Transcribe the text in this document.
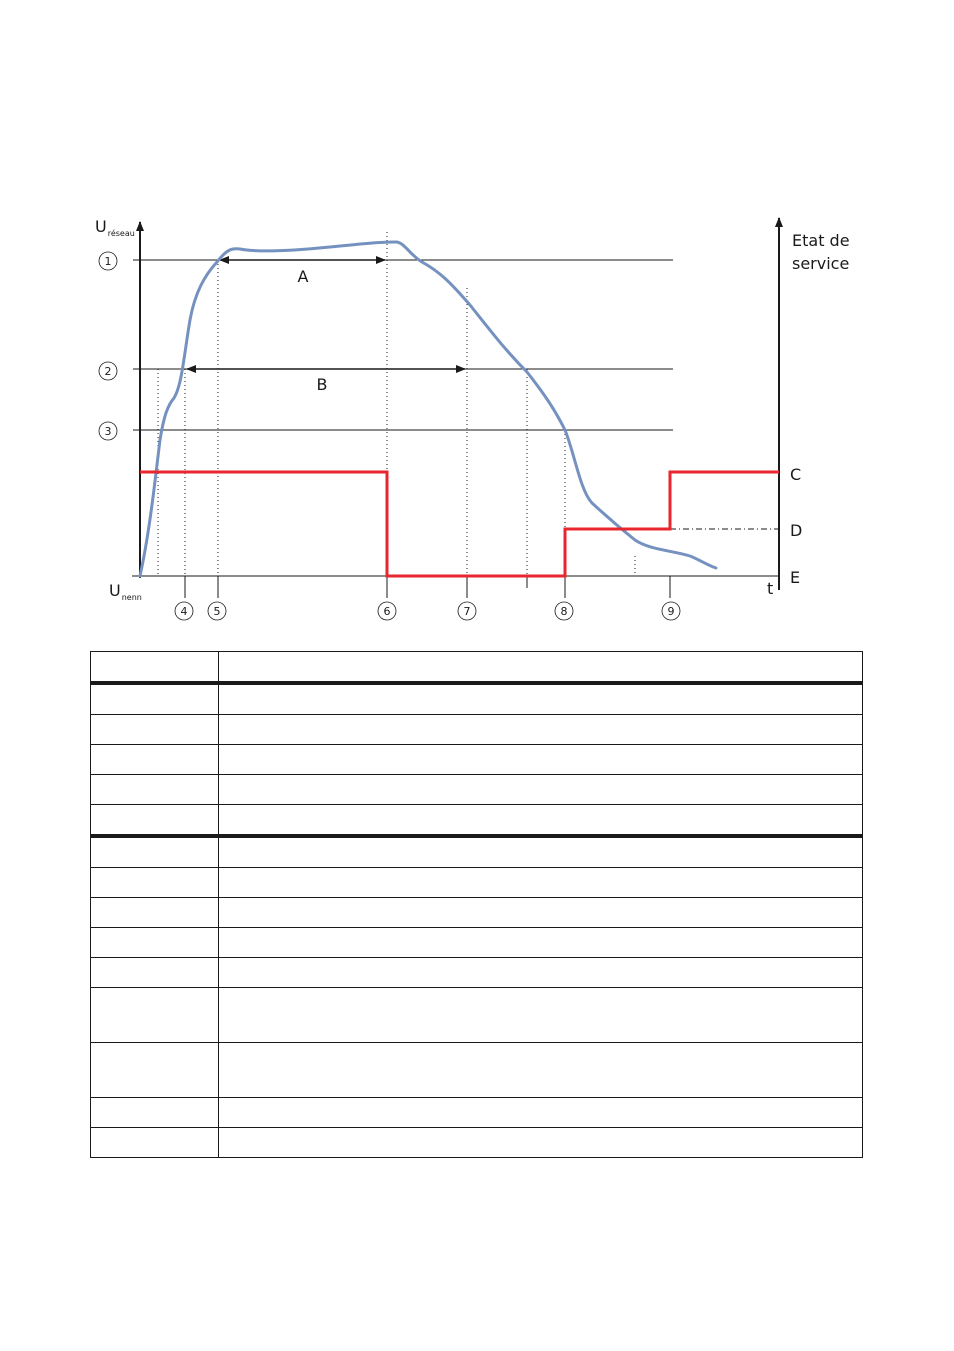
$U_{réseau}$
$U_{nenn}$
1
2
3
4 5	6	7	8	9
A
B
Etat de
service
C
D
E
t
